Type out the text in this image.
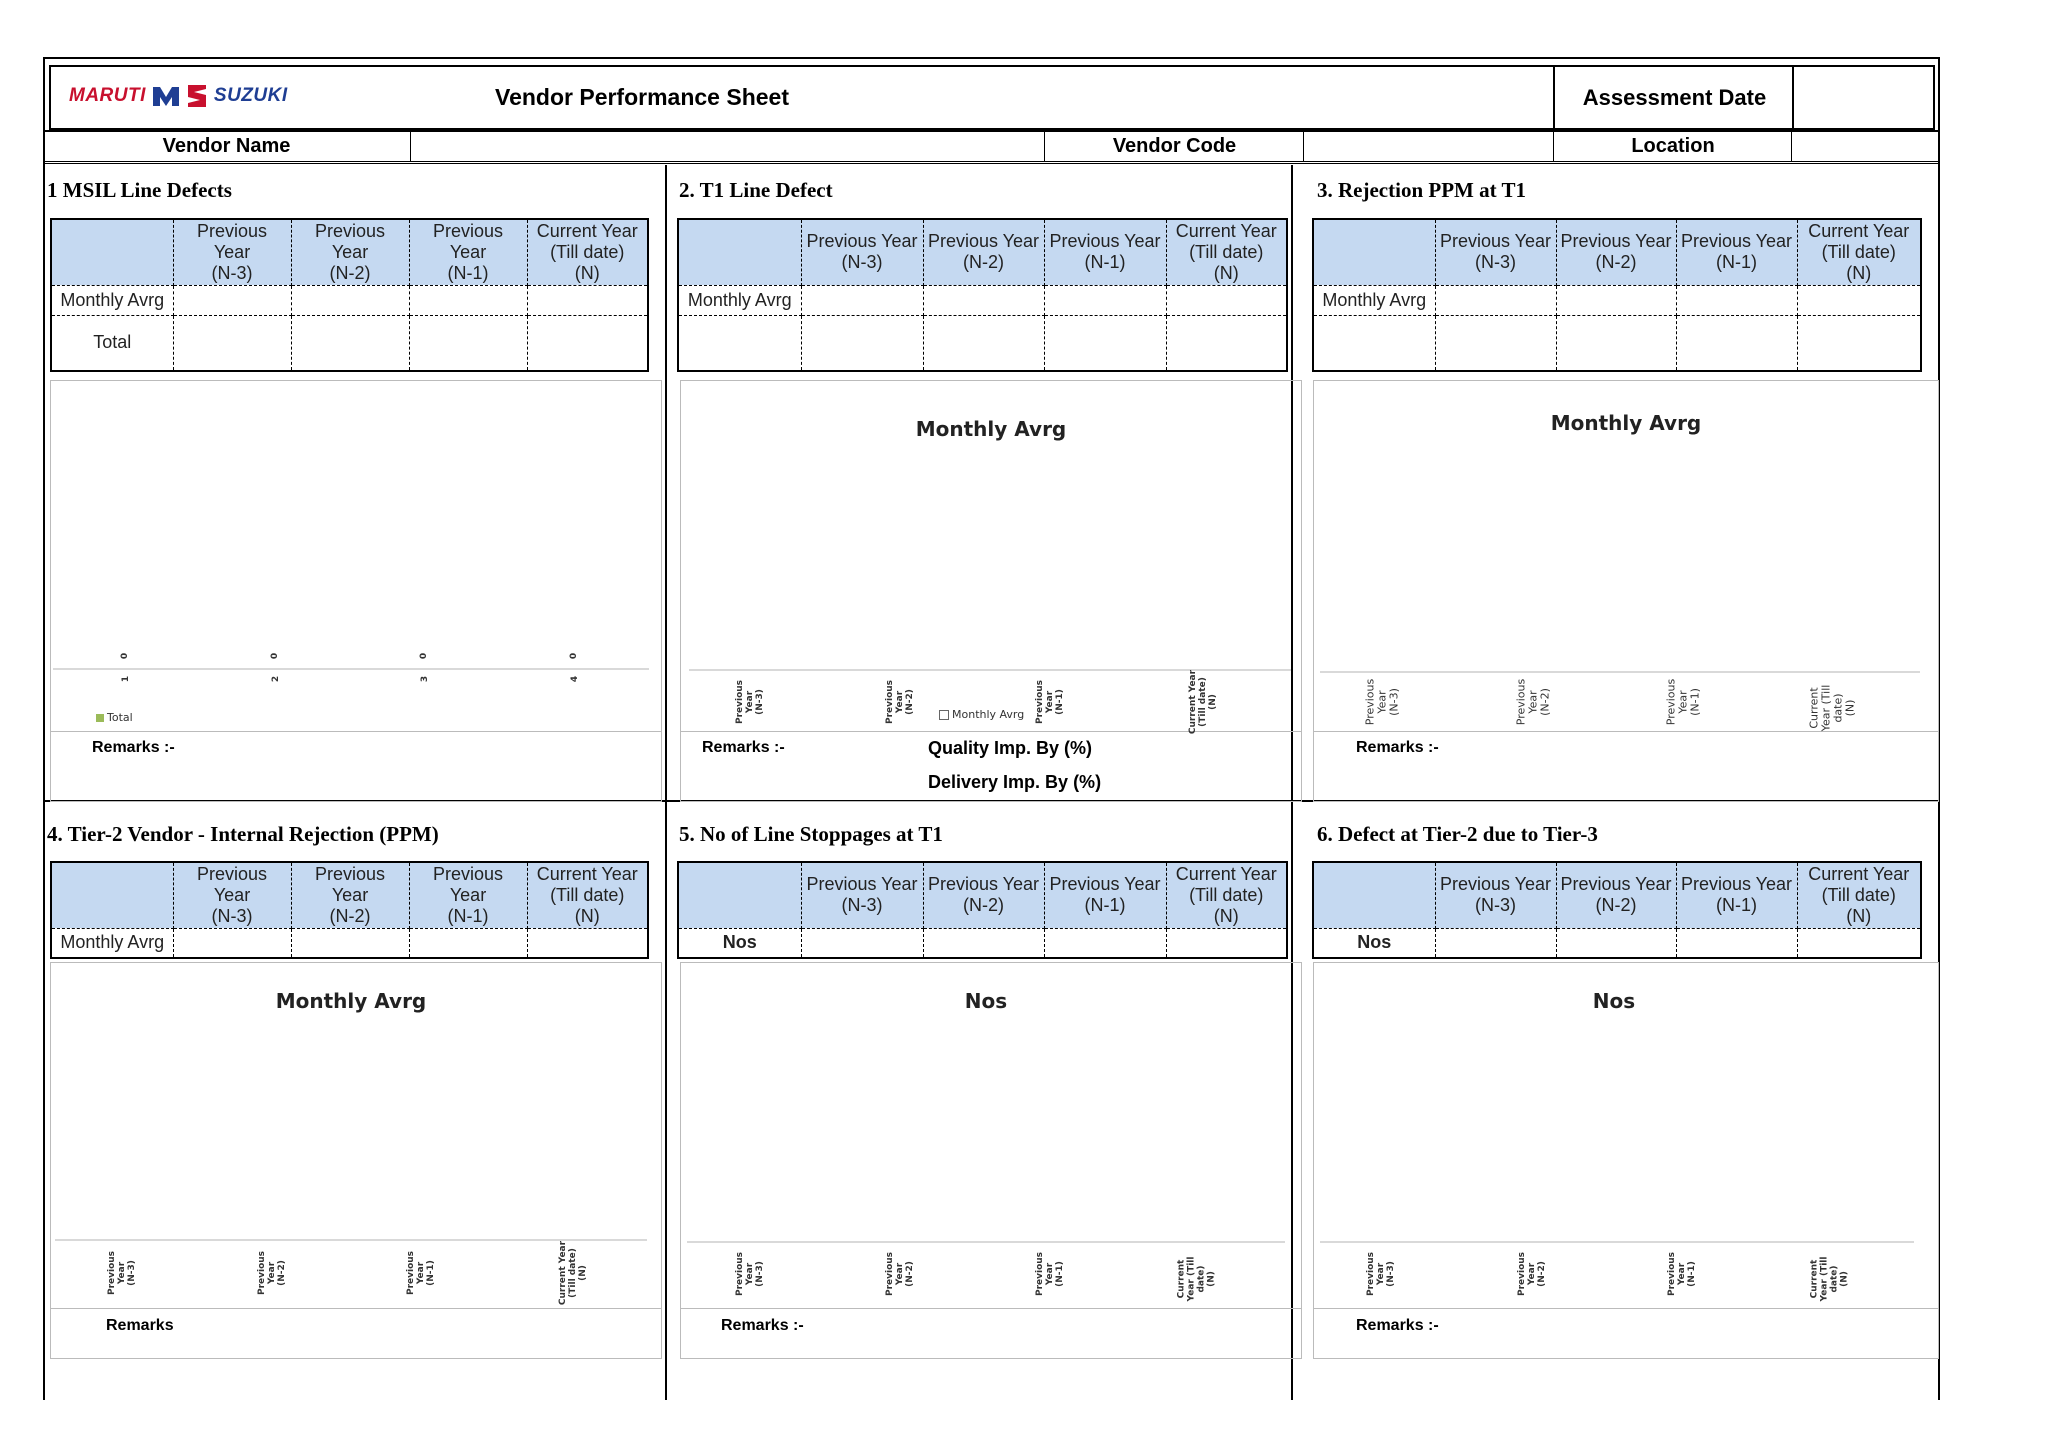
MARUTI	SUZUKI	Vendor Performance Sheet	Assessment Date
Vendor Name	Vendor Code	Location
1 MSIL Line Defects
	Previous
Year
(N-3)	Previous
Year
(N-2)	Previous
Year
(N-1)	Current Year
(Till date)
(N)
Monthly Avrg				
Total				
0	0	0	0
1	2	3	4
Total
Remarks :-
2. T1 Line Defect
	Previous Year
(N-3)	Previous Year
(N-2)	Previous Year
(N-1)	Current Year
(Till date)
(N)
Monthly Avrg				

Monthly Avrg
Previous
Year
(N-3)	Previous
Year
(N-2)	Previous
Year
(N-1)	Current Year
(Till date)
(N)
Monthly Avrg
Remarks :-	Quality Imp. By (%)
Delivery Imp. By (%)
3. Rejection PPM at T1
	Previous Year
(N-3)	Previous Year
(N-2)	Previous Year
(N-1)	Current Year
(Till date)
(N)
Monthly Avrg				

Monthly Avrg
Previous
Year
(N-3)	Previous
Year
(N-2)	Previous
Year
(N-1)	Current
Year (Till
date)
(N)
Remarks :-
4. Tier-2 Vendor - Internal Rejection (PPM)
	Previous
Year
(N-3)	Previous
Year
(N-2)	Previous
Year
(N-1)	Current Year
(Till date)
(N)
Monthly Avrg				
Monthly Avrg
Previous
Year
(N-3)	Previous
Year
(N-2)	Previous
Year
(N-1)	Current Year
(Till date)
(N)
Remarks
5. No of Line Stoppages at T1
	Previous Year
(N-3)	Previous Year
(N-2)	Previous Year
(N-1)	Current Year
(Till date)
(N)
Nos				
Nos
Previous
Year
(N-3)	Previous
Year
(N-2)	Previous
Year
(N-1)	Current
Year (Till
date)
(N)
Remarks :-
6. Defect at Tier-2 due to Tier-3
	Previous Year
(N-3)	Previous Year
(N-2)	Previous Year
(N-1)	Current Year
(Till date)
(N)
Nos				
Nos
Previous
Year
(N-3)	Previous
Year
(N-2)	Previous
Year
(N-1)	Current
Year (Till
date)
(N)
Remarks :-
